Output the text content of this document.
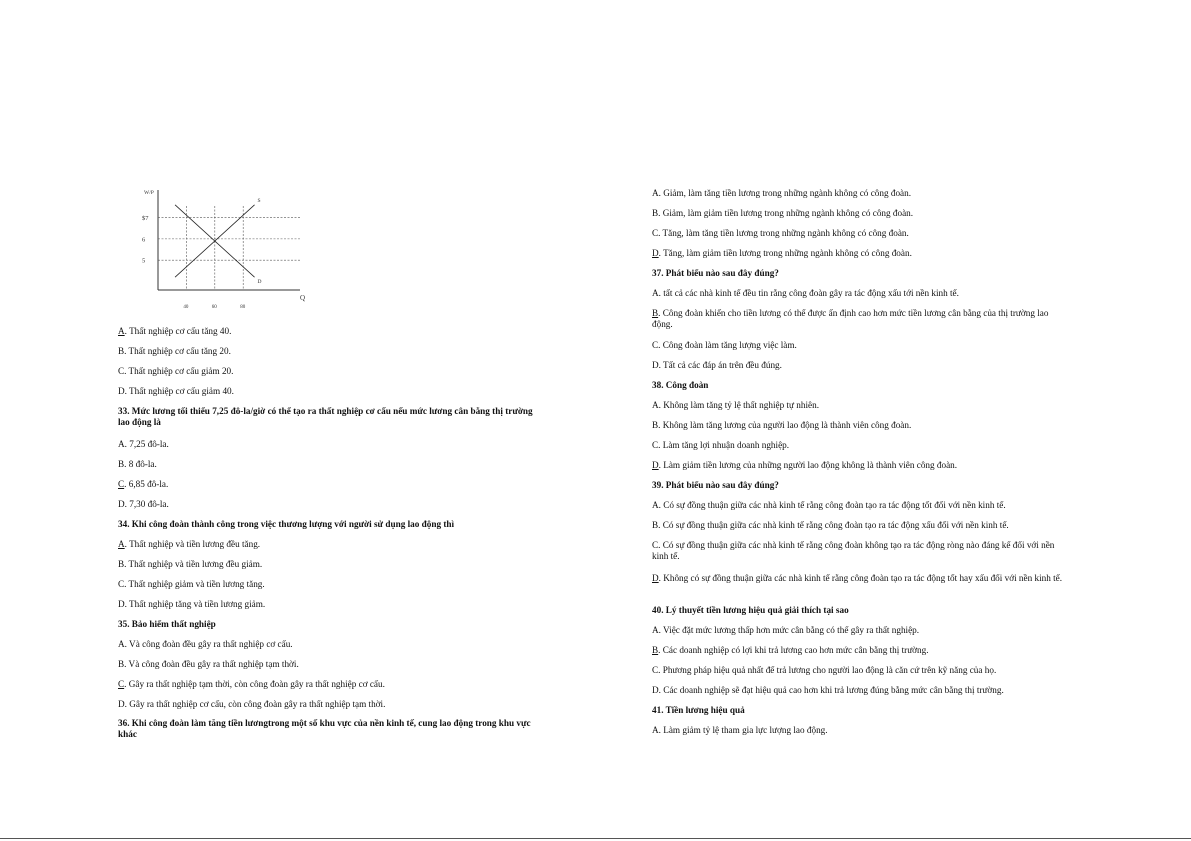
$7
6
5
40	60	80
S
D
W/P
Q
A. Thất nghiệp cơ cấu tăng 40.
B. Thất nghiệp cơ cấu tăng 20.
C. Thất nghiệp cơ cấu giảm 20.
D. Thất nghiệp cơ cấu giảm 40.
33. Mức lương tối thiểu 7,25 đô-la/giờ có thể tạo ra thất nghiệp cơ cấu nếu mức lương cân bằng thị trường lao động là
A. 7,25 đô-la.
B. 8 đô-la.
C. 6,85 đô-la.
D. 7,30 đô-la.
34. Khi công đoàn thành công trong việc thương lượng với người sử dụng lao động thì
A. Thất nghiệp và tiền lương đều tăng.
B. Thất nghiệp và tiền lương đều giảm.
C. Thất nghiệp giảm và tiền lương tăng.
D. Thất nghiệp tăng và tiền lương giảm.
35. Bảo hiểm thất nghiệp
A. Và công đoàn đều gây ra thất nghiệp cơ cấu.
B. Và công đoàn đều gây ra thất nghiệp tạm thời.
C. Gây ra thất nghiệp tạm thời, còn công đoàn gây ra thất nghiệp cơ cấu.
D. Gây ra thất nghiệp cơ cấu, còn công đoàn gây ra thất nghiệp tạm thời.
36. Khi công đoàn làm tăng tiền lươngtrong một số khu vực của nền kinh tế, cung lao động trong khu vực khác
A. Giảm, làm tăng tiền lương trong những ngành không có công đoàn.
B. Giảm, làm giảm tiền lương trong những ngành không có công đoàn.
C. Tăng, làm tăng tiền lương trong những ngành không có công đoàn.
D. Tăng, làm giảm tiền lương trong những ngành không có công đoàn.
37. Phát biểu nào sau đây đúng?
A. tất cả các nhà kinh tế đều tin rằng công đoàn gây ra tác động xấu tới nền kinh tế.
B. Công đoàn khiến cho tiền lương có thể được ấn định cao hơn mức tiền lương cân bằng của thị trường lao động.
C. Công đoàn làm tăng lượng việc làm.
D. Tất cả các đáp án trên đều đúng.
38. Công đoàn
A. Không làm tăng tỷ lệ thất nghiệp tự nhiên.
B. Không làm tăng lương của người lao động là thành viên công đoàn.
C. Làm tăng lợi nhuận doanh nghiệp.
D. Làm giảm tiền lương của những người lao động không là thành viên công đoàn.
39. Phát biểu nào sau đây đúng?
A. Có sự đồng thuận giữa các nhà kinh tế rằng công đoàn tạo ra tác động tốt đối với nền kinh tế.
B. Có sự đồng thuận giữa các nhà kinh tế rằng công đoàn tạo ra tác động xấu đối với nền kinh tế.
C. Có sự đồng thuận giữa các nhà kinh tế rằng công đoàn không tạo ra tác động ròng nào đáng kể đối với nền kinh tế.
D. Không có sự đồng thuận giữa các nhà kinh tế rằng công đoàn tạo ra tác động tốt hay xấu đối với nền kinh tế.
40. Lý thuyết tiền lương hiệu quả giải thích tại sao
A. Việc đặt mức lương thấp hơn mức cân bằng có thể gây ra thất nghiệp.
B. Các doanh nghiệp có lợi khi trả lương cao hơn mức cân bằng thị trường.
C. Phương pháp hiệu quả nhất để trả lương cho người lao động là căn cứ trên kỹ năng của họ.
D. Các doanh nghiệp sẽ đạt hiệu quả cao hơn khi trả lương đúng bằng mức cân bằng thị trường.
41. Tiền lương hiệu quả
A. Làm giảm tỷ lệ tham gia lực lượng lao động.
